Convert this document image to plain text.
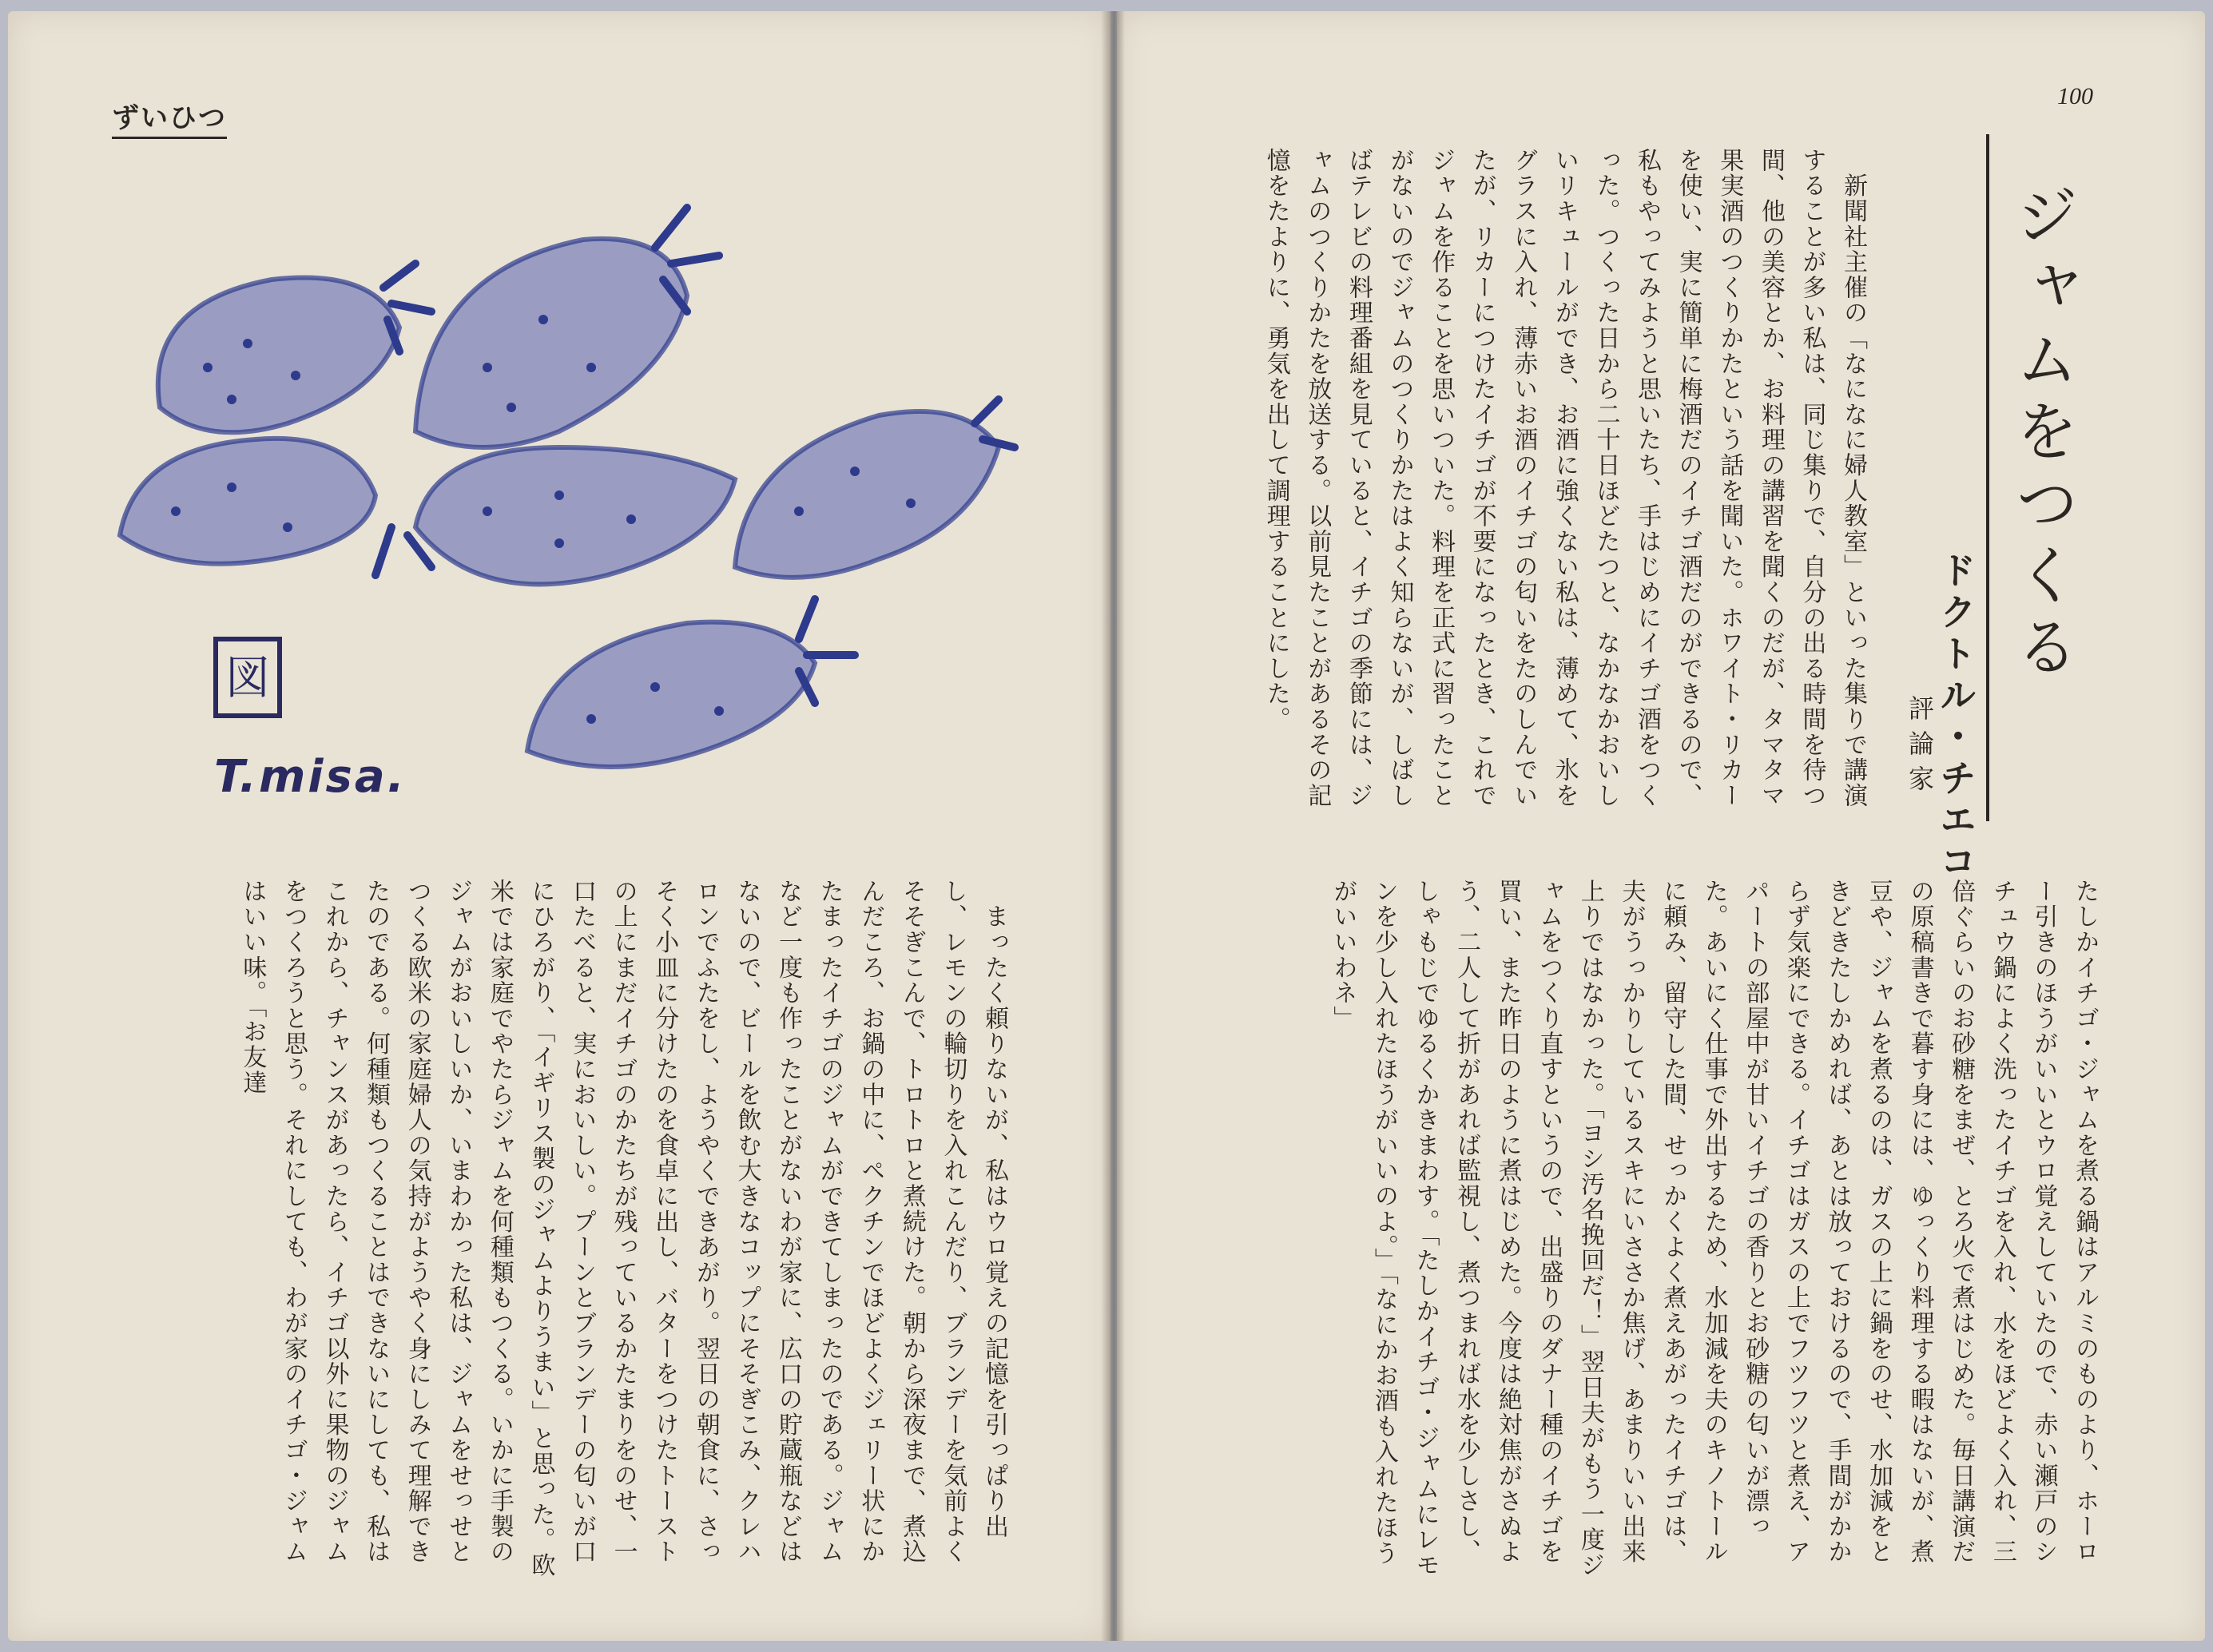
ずいひつ
図
T.misa.

　まったく頼りないが、私はウロ覚えの記憶を引っぱり出し、レモンの輪切りを入れこんだり、ブランデーを気前よくそそぎこんで、トロトロと煮続けた。朝から深夜まで、煮込んだころ、お鍋の中に、ペクチンでほどよくジェリー状にかたまったイチゴのジャムができてしまったのである。ジャムなど一度も作ったことがないわが家に、広口の貯蔵瓶などはないので、ビールを飲む大きなコップにそそぎこみ、クレハロンでふたをし、ようやくできあがり。翌日の朝食に、さっそく小皿に分けたのを食卓に出し、バターをつけたトーストの上にまだイチゴのかたちが残っているかたまりをのせ、一口たべると、実においしい。プーンとブランデーの匂いが口にひろがり、「イギリス製のジャムよりうまい」と思った。欧米では家庭でやたらジャムを何種類もつくる。いかに手製のジャムがおいしいか、いまわかった私は、ジャムをせっせとつくる欧米の家庭婦人の気持がようやく身にしみて理解できたのである。何種類もつくることはできないにしても、私はこれから、チャンスがあったら、イチゴ以外に果物のジャムをつくろうと思う。それにしても、わが家のイチゴ・ジャムはいい味。「お友達

100
ジャムをつくる
ドクトル・チエコ
評論家

　新聞社主催の「なになに婦人教室」といった集りで講演することが多い私は、同じ集りで、自分の出る時間を待つ間、他の美容とか、お料理の講習を聞くのだが、タマタマ果実酒のつくりかたという話を聞いた。ホワイト・リカーを使い、実に簡単に梅酒だのイチゴ酒だのができるので、私もやってみようと思いたち、手はじめにイチゴ酒をつくった。つくった日から二十日ほどたつと、なかなかおいしいリキュールができ、お酒に強くない私は、薄めて、氷をグラスに入れ、薄赤いお酒のイチゴの匂いをたのしんでいたが、リカーにつけたイチゴが不要になったとき、これでジャムを作ることを思いついた。料理を正式に習ったことがないのでジャムのつくりかたはよく知らないが、しばしばテレビの料理番組を見ていると、イチゴの季節には、ジャムのつくりかたを放送する。以前見たことがあるその記憶をたよりに、勇気を出して調理することにした。

たしかイチゴ・ジャムを煮る鍋はアルミのものより、ホーロー引きのほうがいいとウロ覚えしていたので、赤い瀬戸のシチュウ鍋によく洗ったイチゴを入れ、水をほどよく入れ、三倍ぐらいのお砂糖をまぜ、とろ火で煮はじめた。毎日講演だの原稿書きで暮す身には、ゆっくり料理する暇はないが、煮豆や、ジャムを煮るのは、ガスの上に鍋をのせ、水加減をときどきたしかめれば、あとは放っておけるので、手間がかからず気楽にできる。イチゴはガスの上でフツフツと煮え、アパートの部屋中が甘いイチゴの香りとお砂糖の匂いが漂った。あいにく仕事で外出するため、水加減を夫のキノトールに頼み、留守した間、せっかくよく煮えあがったイチゴは、夫がうっかりしているスキにいささか焦げ、あまりいい出来上りではなかった。「ヨシ汚名挽回だ！」翌日夫がもう一度ジャムをつくり直すというので、出盛りのダナー種のイチゴを買い、また昨日のように煮はじめた。今度は絶対焦がさぬよう、二人して折があれば監視し、煮つまれば水を少しさし、しゃもじでゆるくかきまわす。「たしかイチゴ・ジャムにレモンを少し入れたほうがいいのよ。」「なにかお酒も入れたほうがいいわネ」
